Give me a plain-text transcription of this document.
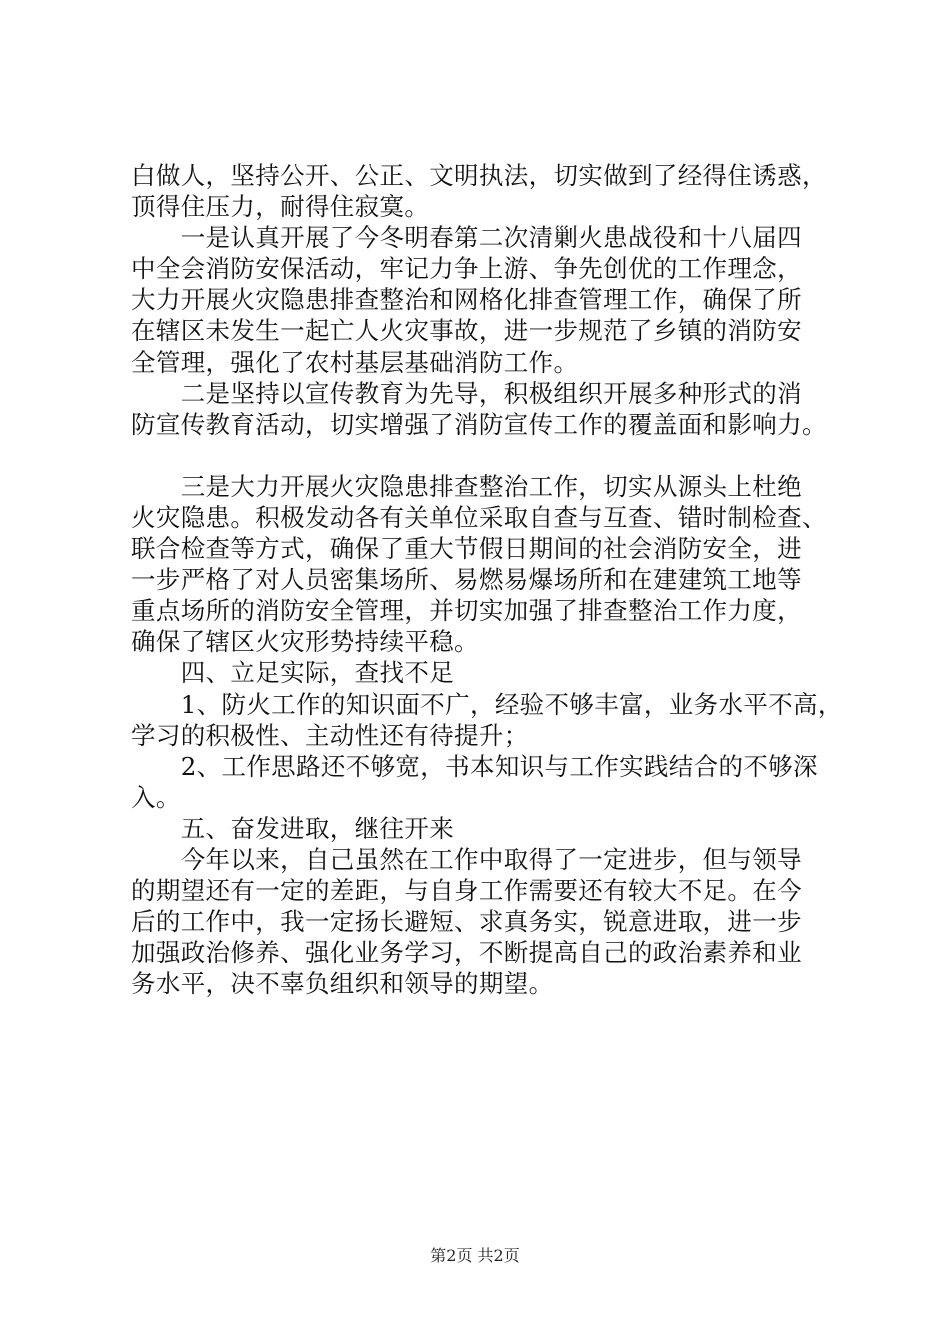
白做人，坚持公开、公正、文明执法，切实做到了经得住诱惑，
顶得住压力，耐得住寂寞。
　　一是认真开展了今冬明春第二次清剿火患战役和十八届四
中全会消防安保活动，牢记力争上游、争先创优的工作理念，
大力开展火灾隐患排查整治和网格化排查管理工作，确保了所
在辖区未发生一起亡人火灾事故，进一步规范了乡镇的消防安
全管理，强化了农村基层基础消防工作。
　　二是坚持以宣传教育为先导，积极组织开展多种形式的消
防宣传教育活动，切实增强了消防宣传工作的覆盖面和影响力。
　　三是大力开展火灾隐患排查整治工作，切实从源头上杜绝
火灾隐患。积极发动各有关单位采取自查与互查、错时制检查、
联合检查等方式，确保了重大节假日期间的社会消防安全，进
一步严格了对人员密集场所、易燃易爆场所和在建建筑工地等
重点场所的消防安全管理，并切实加强了排查整治工作力度，
确保了辖区火灾形势持续平稳。
　　四、立足实际，查找不足
　　1、防火工作的知识面不广，经验不够丰富，业务水平不高，
学习的积极性、主动性还有待提升；
　　2、工作思路还不够宽，书本知识与工作实践结合的不够深
入。
　　五、奋发进取，继往开来
　　今年以来，自己虽然在工作中取得了一定进步，但与领导
的期望还有一定的差距，与自身工作需要还有较大不足。在今
后的工作中，我一定扬长避短、求真务实，锐意进取，进一步
加强政治修养、强化业务学习，不断提高自己的政治素养和业
务水平，决不辜负组织和领导的期望。
第2页 共2页
